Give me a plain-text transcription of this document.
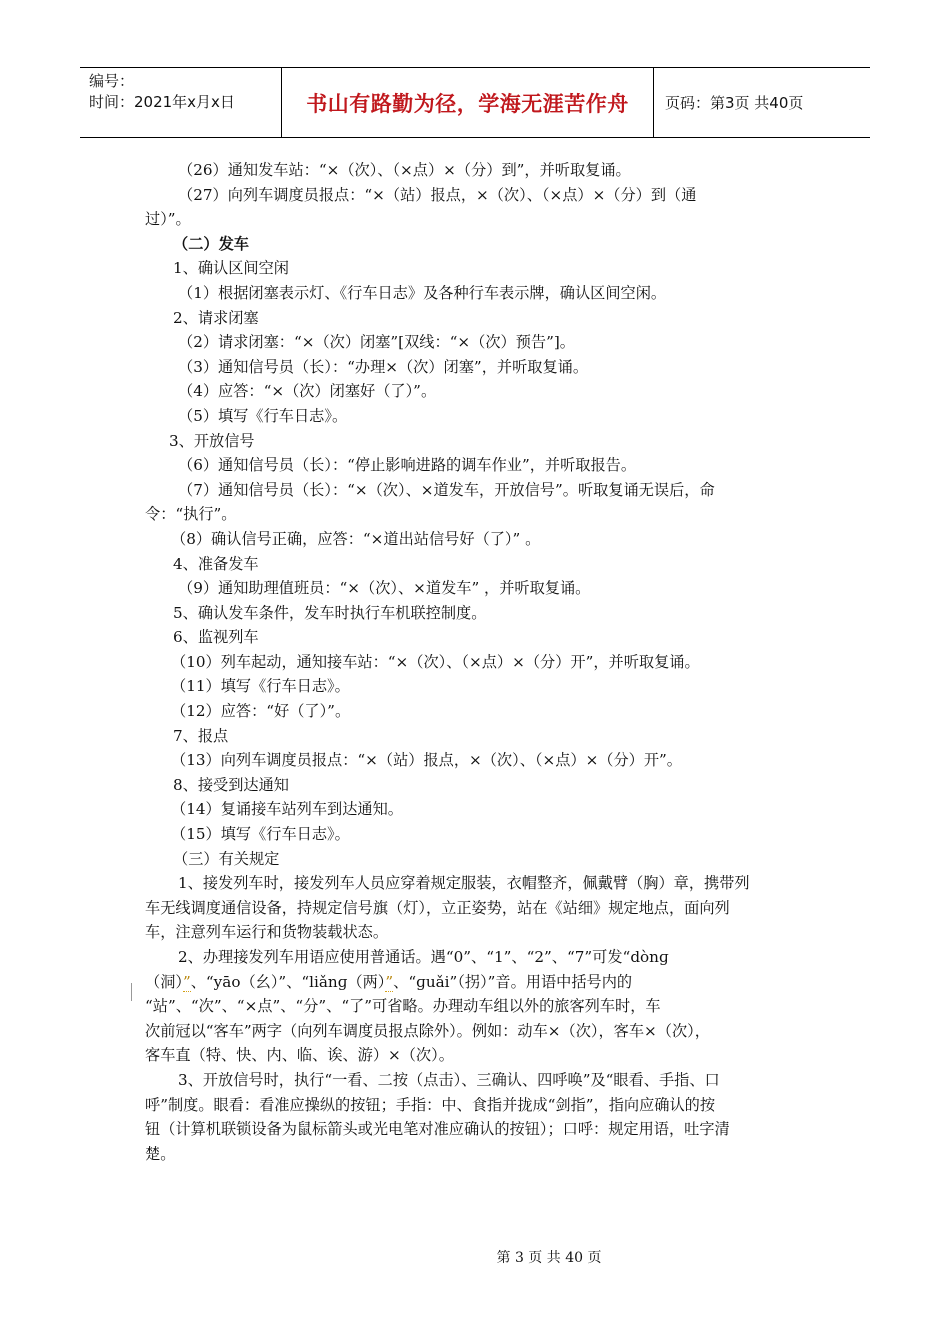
编号：
时间：2021年x月x日	书山有路勤为径，学海无涯苦作舟	页码：第3页 共40页
（26）通知发车站：“×（次）、（×点）×（分）到”，并听取复诵。
（27）向列车调度员报点：“×（站）报点，×（次）、（×点）×（分）到（通
过）”。
（二）发车
1、确认区间空闲
（1）根据闭塞表示灯、《行车日志》及各种行车表示牌，确认区间空闲。
2、请求闭塞
（2）请求闭塞：“×（次）闭塞”[双线：“×（次）预告”]。
（3）通知信号员（长）：“办理×（次）闭塞”，并听取复诵。
（4）应答：“×（次）闭塞好（了）”。
（5）填写《行车日志》。
3、开放信号
（6）通知信号员（长）：“停止影响进路的调车作业”，并听取报告。
（7）通知信号员（长）：“×（次）、×道发车，开放信号”。听取复诵无误后，命
令：“执行”。
（8）确认信号正确，应答：“×道出站信号好（了）” 。
4、准备发车
（9）通知助理值班员：“×（次）、×道发车” ，并听取复诵。
5、确认发车条件，发车时执行车机联控制度。
6、监视列车
（10）列车起动，通知接车站：“×（次）、（×点）×（分）开”，并听取复诵。
（11）填写《行车日志》。
（12）应答：“好（了）”。
7、报点
（13）向列车调度员报点：“×（站）报点，×（次）、（×点）×（分）开”。
8、接受到达通知
（14）复诵接车站列车到达通知。
（15）填写《行车日志》。
（三）有关规定
1、接发列车时，接发列车人员应穿着规定服装，衣帽整齐，佩戴臂（胸）章，携带列
车无线调度通信设备，持规定信号旗（灯），立正姿势，站在《站细》规定地点，面向列
车，注意列车运行和货物装载状态。
2、办理接发列车用语应使用普通话。遇“0”、“1”、“2”、“7”可发“dònɡ
（洞）”、“yāo（幺）”、“liǎnɡ（两）”、“ɡuǎi”（拐）”音。用语中括号内的
“站”、“次”、“×点”、“分”、“了”可省略。办理动车组以外的旅客列车时，车
次前冠以“客车”两字（向列车调度员报点除外）。例如：动车×（次），客车×（次），
客车直（特、快、内、临、诶、游）×（次）。
3、开放信号时，执行“一看、二按（点击）、三确认、四呼唤”及“眼看、手指、口
呼”制度。眼看：看准应操纵的按钮；手指：中、食指并拢成“剑指”，指向应确认的按
钮（计算机联锁设备为鼠标箭头或光电笔对准应确认的按钮）；口呼：规定用语，吐字清
楚。
第 3 页 共 40 页
